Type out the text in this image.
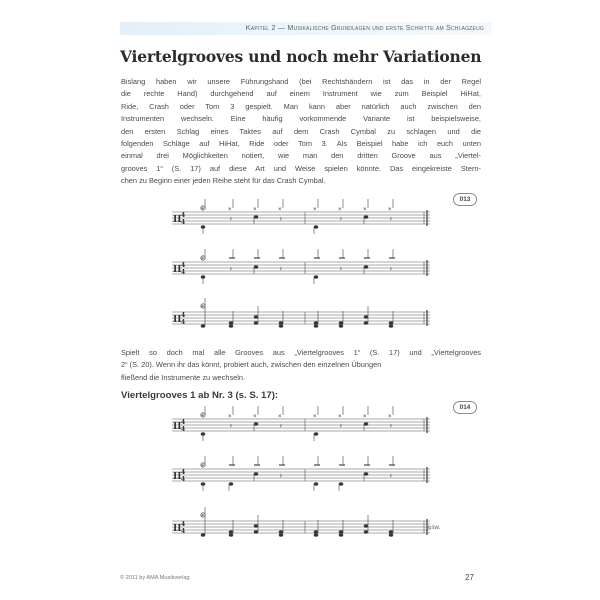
Kapitel 2 — Musikalische Grundlagen und erste Schritte am Schlagzeug
Viertelgrooves und noch mehr Variationen
Bislang haben wir unsere Führungshand (bei Rechtshändern ist das in der Regel
die rechte Hand) durchgehend auf einem Instrument wie zum Beispiel HiHat,
Ride, Crash oder Tom 3 gespielt. Man kann aber natürlich auch zwischen den
Instrumenten wechseln. Eine häufig vorkommende Variante ist beispielsweise,
den ersten Schlag eines Taktes auf dem Crash Cymbal zu schlagen und die
folgenden Schläge auf HiHat, Ride oder Tom 3. Als Beispiel habe ich euch unten
einmal drei Möglichkeiten notiert, wie man den dritten Groove aus „Viertel-
grooves 1“ (S. 17) auf diese Art und Weise spielen könnte. Das eingekreiste Stern-
chen zu Beginn einer jeden Reihe steht für das Crash Cymbal.
013
II 4
4
✳	×
𝄽
×	×
𝄽
×	×
𝄽
×	×
𝄽
II 4
4
✳
𝄽	𝄽	𝄽	𝄽
II 4
4
✳
Spielt so doch mal alle Grooves aus „Viertelgrooves 1“ (S. 17) und „Viertelgrooves
2“ (S. 20). Wenn ihr das könnt, probiert auch, zwischen den einzelnen Übungen
fließend die Instrumente zu wechseln.
Viertelgrooves 1 ab Nr. 3 (s. S. 17):
014
II 4
4
✳	×
𝄽
×	×
𝄽
×	×
𝄽
×	×
𝄽
II 4
4
✳
𝄽	𝄽
II 4
4
✳
usw.
© 2011 by AMA Musikverlag	27
